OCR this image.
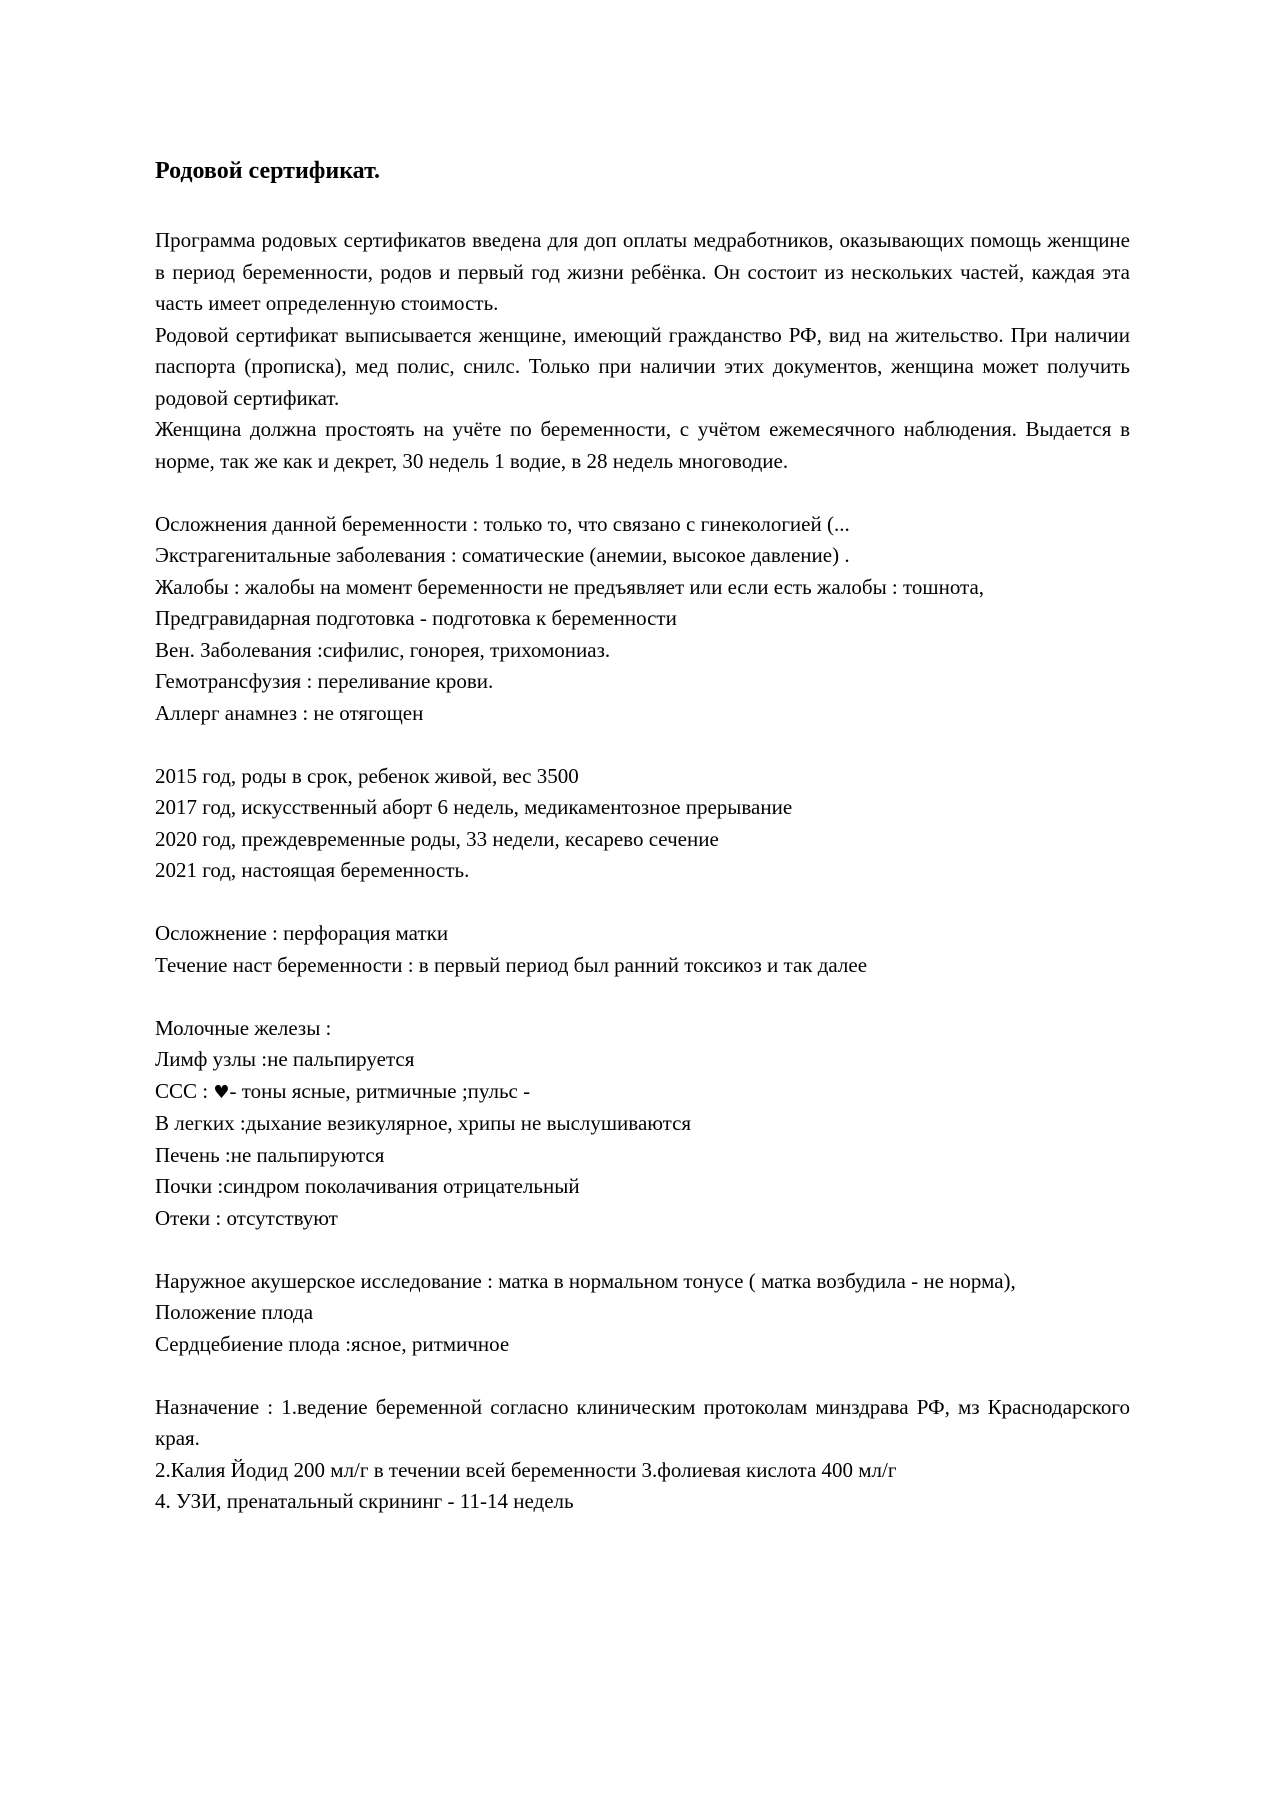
Родовой сертификат.

Программа родовых сертификатов введена для доп оплаты медработников, оказывающих помощь женщине в период беременности, родов и первый год жизни ребёнка. Он состоит из нескольких частей, каждая эта часть имеет определенную стоимость.

Родовой сертификат выписывается женщине, имеющий гражданство РФ, вид на жительство. При наличии паспорта (прописка), мед полис, снилс. Только при наличии этих документов, женщина может получить родовой сертификат.

Женщина должна простоять на учёте по беременности, с учётом ежемесячного наблюдения. Выдается в норме, так же как и декрет, 30 недель 1 водие, в 28 недель многоводие.

Осложнения данной беременности : только то, что связано с гинекологией (...
Экстрагенитальные заболевания : соматические (анемии, высокое давление) .
Жалобы : жалобы на момент беременности не предъявляет или если есть жалобы : тошнота,
Предгравидарная подготовка - подготовка к беременности
Вен. Заболевания :сифилис, гонорея, трихомониаз.
Гемотрансфузия : переливание крови.
Аллерг анамнез : не отягощен
2015 год, роды в срок, ребенок живой, вес 3500
2017 год, искусственный аборт 6 недель, медикаментозное прерывание
2020 год, преждевременные роды, 33 недели, кесарево сечение
2021 год, настоящая беременность.
Осложнение : перфорация матки
Течение наст беременности : в первый период был ранний токсикоз и так далее
Молочные железы :
Лимф узлы :не пальпируется
ССС : ♥- тоны ясные, ритмичные ;пульс -
В легких :дыхание везикулярное, хрипы не выслушиваются
Печень :не пальпируются
Почки :синдром поколачивания отрицательный
Отеки : отсутствуют
Наружное акушерское исследование : матка в нормальном тонусе ( матка возбудила - не норма),
Положение плода
Сердцебиение плода :ясное, ритмичное

Назначение : 1.ведение беременной согласно клиническим протоколам минздрава РФ, мз Краснодарского края.

2.Калия Йодид 200 мл/г в течении всей беременности 3.фолиевая кислота 400 мл/г
4. УЗИ, пренатальный скрининг - 11-14 недель
